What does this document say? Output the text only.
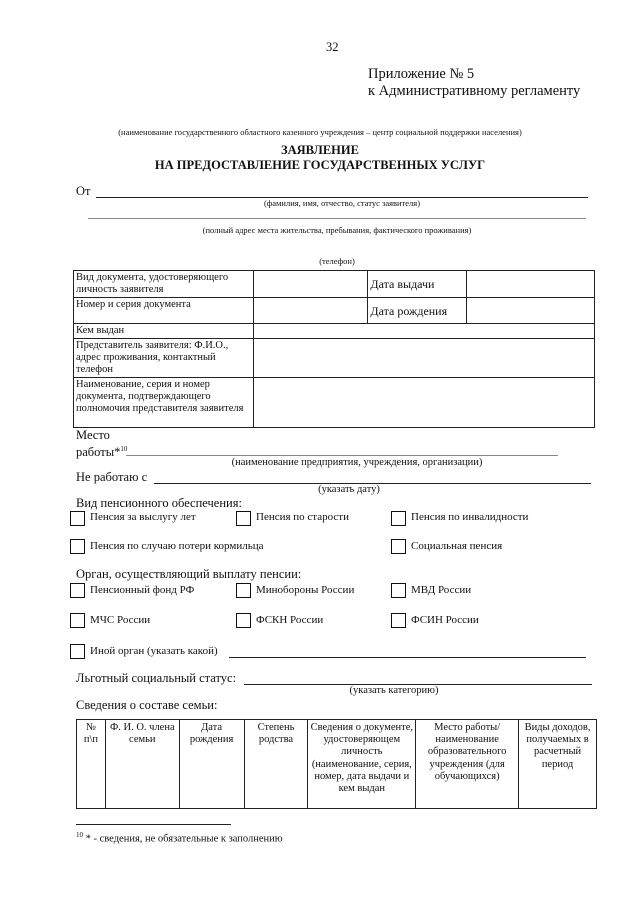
32
Приложение № 5
к Административному регламенту
(наименование государственного областного казенного учреждения – центр социальной поддержки населения)
ЗАЯВЛЕНИЕ
НА ПРЕДОСТАВЛЕНИЕ ГОСУДАРСТВЕННЫХ УСЛУГ
От
(фамилия, имя, отчество, статус заявителя)
(полный адрес места жительства, пребывания, фактического проживания)
(телефон)
Вид документа, удостоверяющего личность заявителя		Дата выдачи	
Номер и серия документа		Дата рождения	
Кем выдан			
Представитель заявителя: Ф.И.О., адрес проживания, контактный телефон			
Наименование, серия и номер документа, подтверждающего полномочия представителя заявителя			
Место
работы*$^{10}$
(наименование предприятия, учреждения, организации)
Не работаю с
(указать дату)
Вид пенсионного обеспечения:
Пенсия за выслугу лет	Пенсия по старости	Пенсия по инвалидности
Пенсия по случаю потери кормильца	Социальная пенсия
Орган, осуществляющий выплату пенсии:
Пенсионный фонд РФ	Минобороны России	МВД России
МЧС России	ФСКН России	ФСИН России
Иной орган (указать какой)
Льготный социальный статус:
(указать категорию)
Сведения о составе семьи:
№ п\п	Ф. И. О. члена семьи	Дата рождения	Степень родства	Сведения о документе, удостоверяющем личность (наименование, серия, номер, дата выдачи и кем выдан	Место работы/ наименование образовательного учреждения (для обучающихся)	Виды доходов, получаемых в расчетный период
$^{10}$ * - сведения, не обязательные к заполнению
